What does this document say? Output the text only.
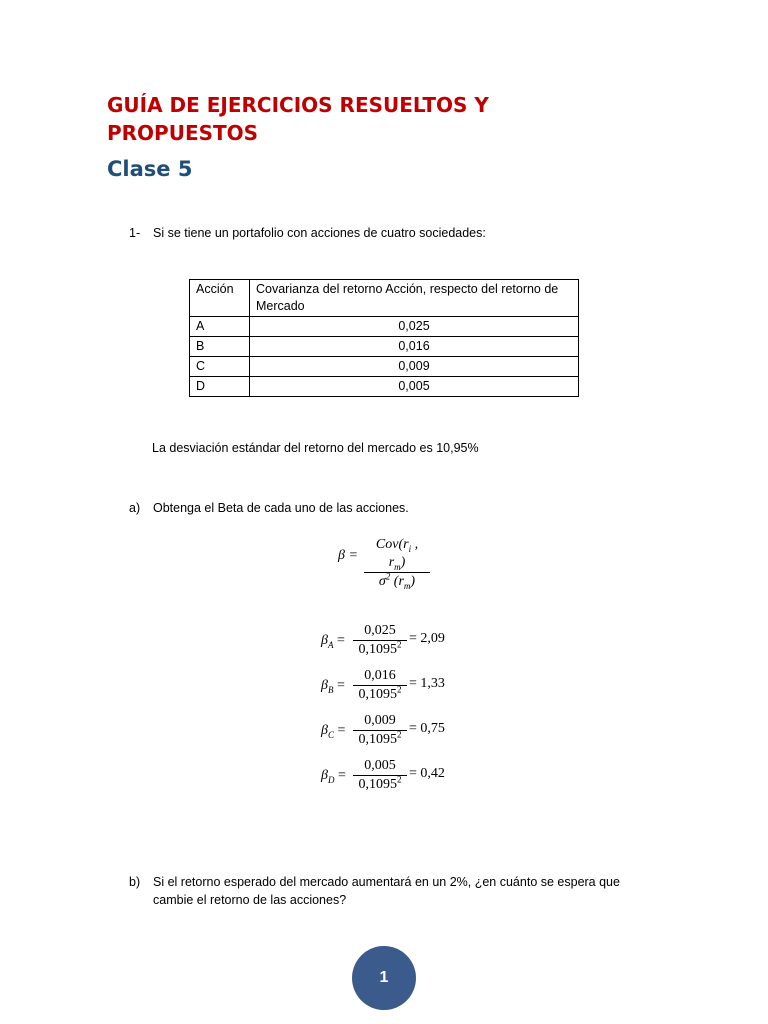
GUÍA DE EJERCICIOS RESUELTOS Y PROPUESTOS
Clase 5
1- Si se tiene un portafolio con acciones de cuatro sociedades:
Acción	Covarianza del retorno Acción, respecto del retorno de Mercado
A	0,025
B	0,016
C	0,009
D	0,005
La desviación estándar del retorno del mercado es 10,95%
a) Obtenga el Beta de cada uno de las acciones.
β =
$Cov(r_i$ , $r_m$)
$\sigma^2$ $(r_m)$
$\beta_A = \frac{0,025}{0,1095^2} = 2,09$
$\beta_B = \frac{0,016}{0,1095^2} = 1,33$
$\beta_C = \frac{0,009}{0,1095^2} = 0,75$
$\beta_D = \frac{0,005}{0,1095^2} = 0,42$
b) Si el retorno esperado del mercado aumentará en un 2%, ¿en cuánto se espera que cambie el retorno de las acciones?
1
